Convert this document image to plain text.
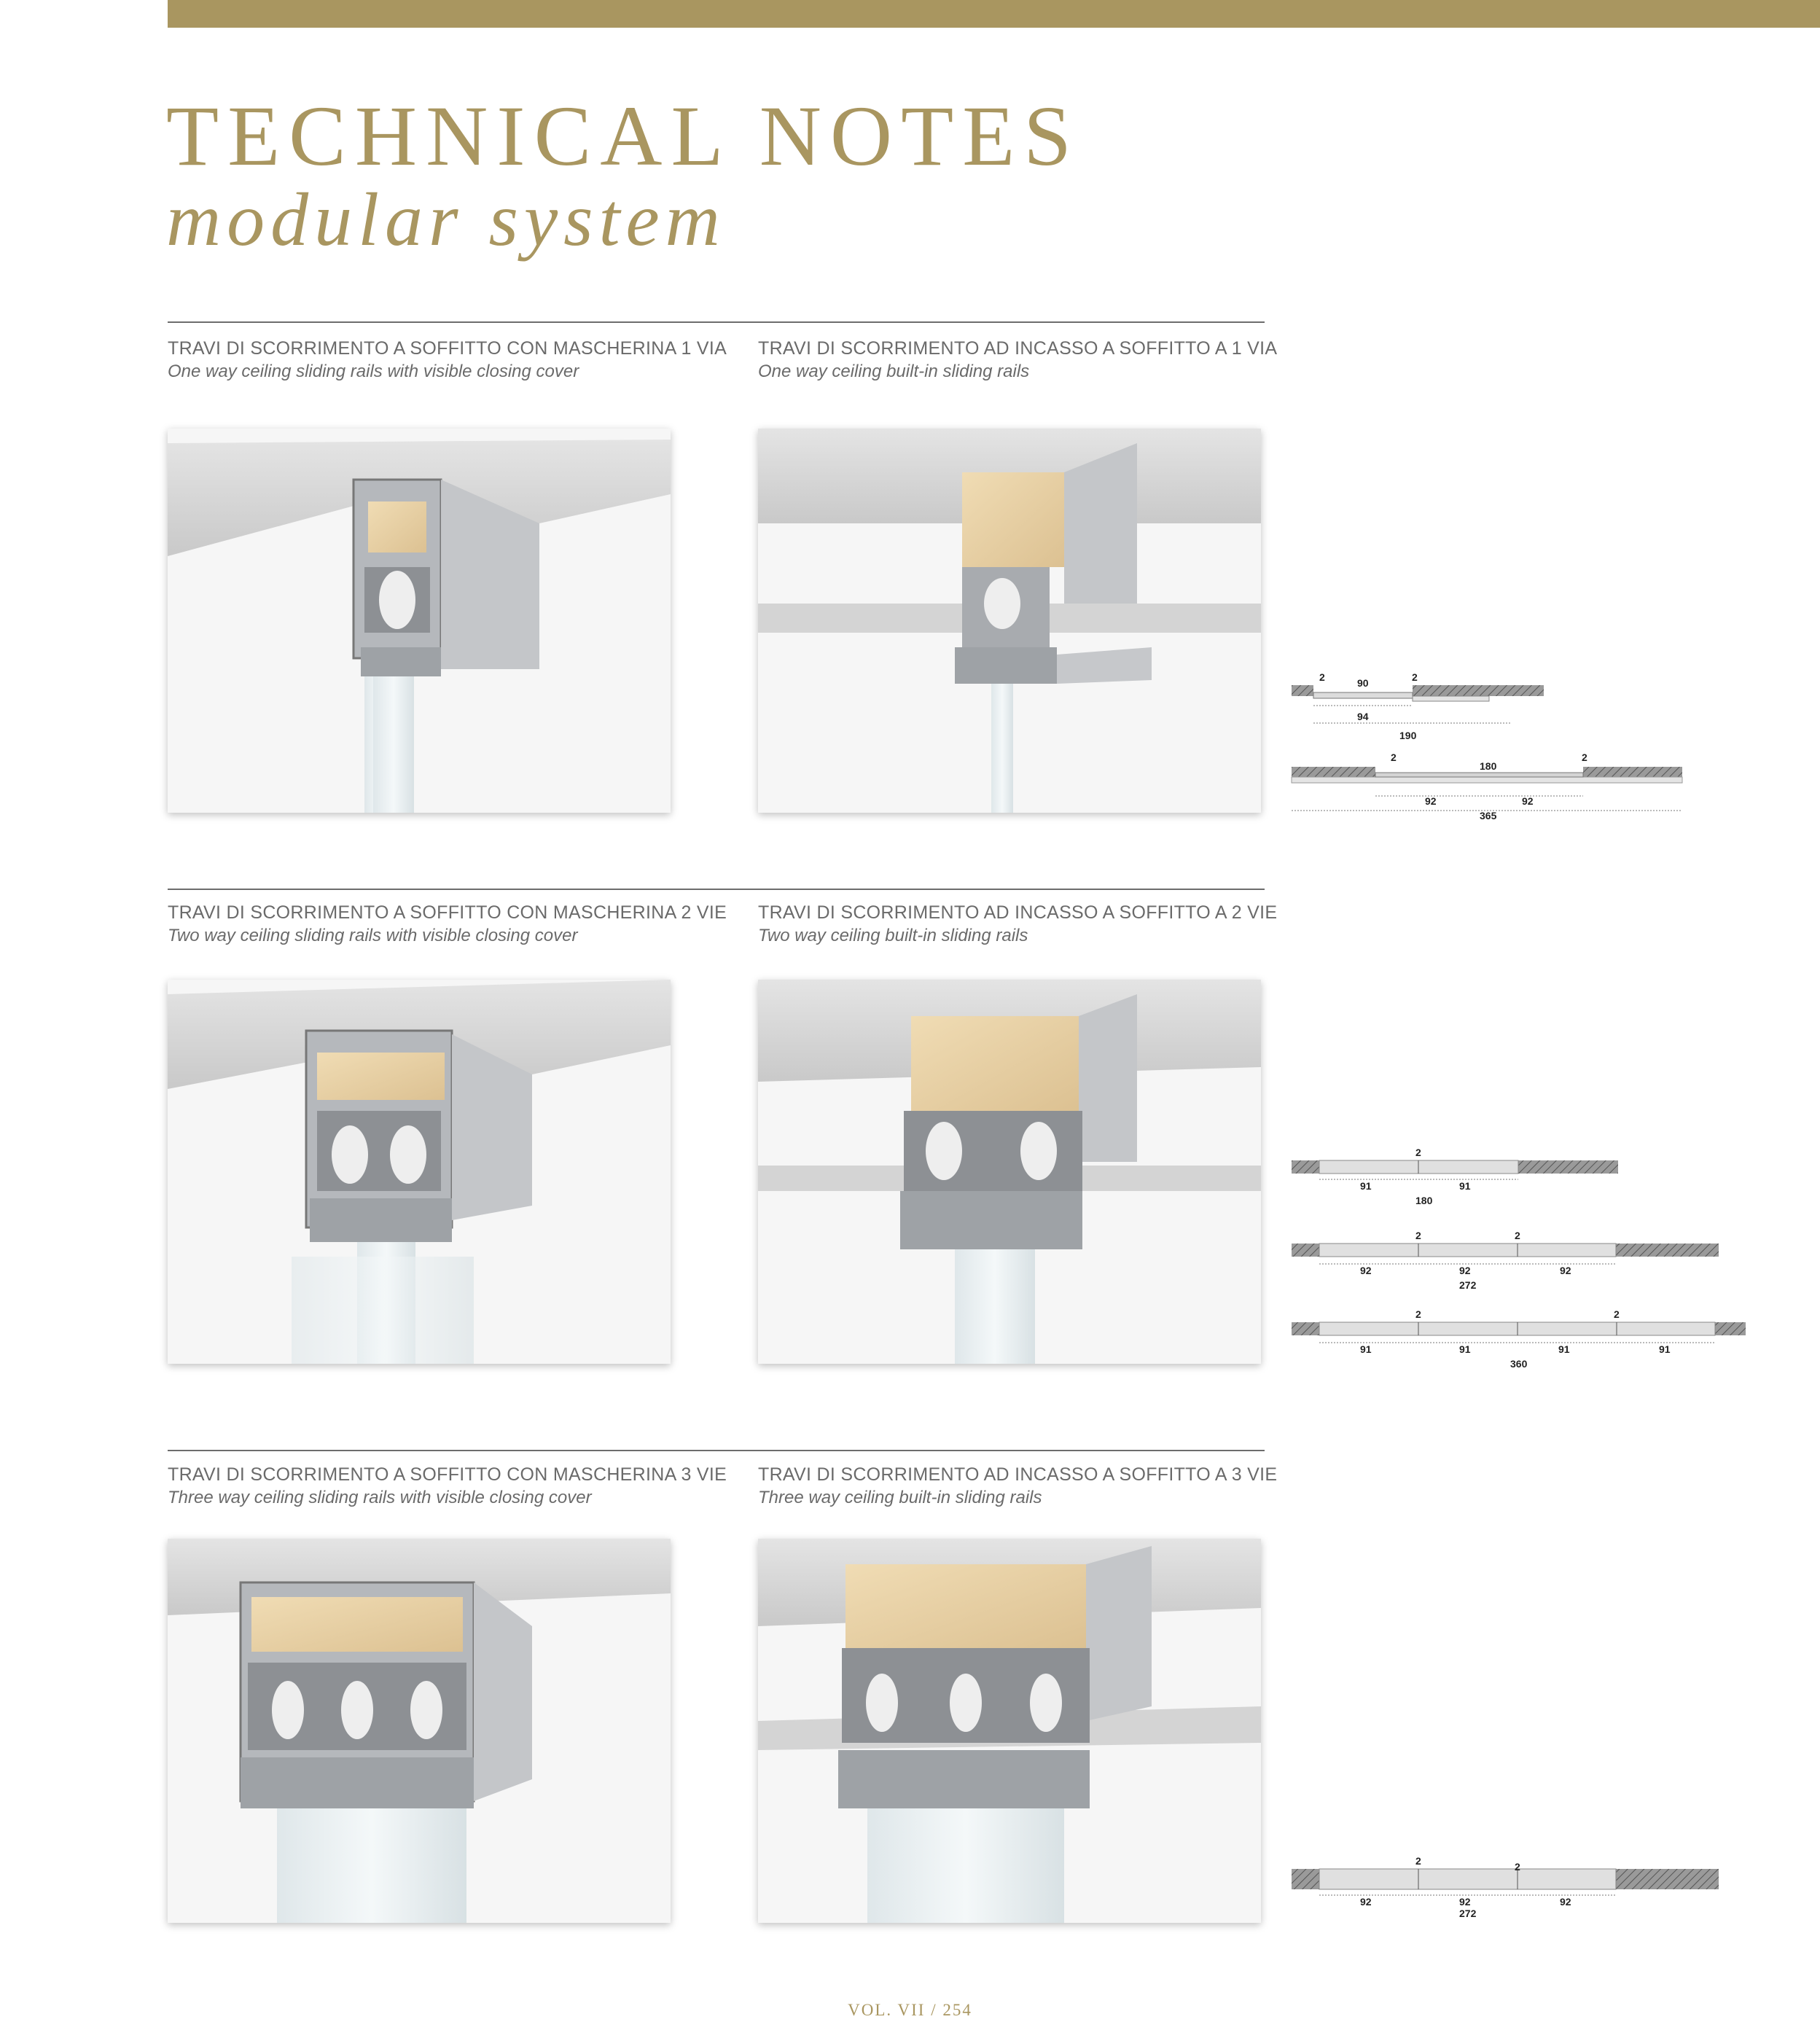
TECHNICAL NOTES
modular system
TRAVI DI SCORRIMENTO A SOFFITTO CON MASCHERINA 1 VIA
One way ceiling sliding rails with visible closing cover
TRAVI DI SCORRIMENTO AD INCASSO A SOFFITTO A 1 VIA
One way ceiling built-in sliding rails
2	90	2
94
190
2
180
2
92	92
365
TRAVI DI SCORRIMENTO A SOFFITTO CON MASCHERINA 2 VIE
Two way ceiling sliding rails with visible closing cover
TRAVI DI SCORRIMENTO AD INCASSO A SOFFITTO A 2 VIE
Two way ceiling built-in sliding rails
2
91	91
180
2	2
92	92	92
272
2	2
91	91	91	91
360
TRAVI DI SCORRIMENTO A SOFFITTO CON MASCHERINA 3 VIE
Three way ceiling sliding rails with visible closing cover
TRAVI DI SCORRIMENTO AD INCASSO A SOFFITTO A 3 VIE
Three way ceiling built-in sliding rails
2	2
92	92	92
272
VOL. VII / 254
